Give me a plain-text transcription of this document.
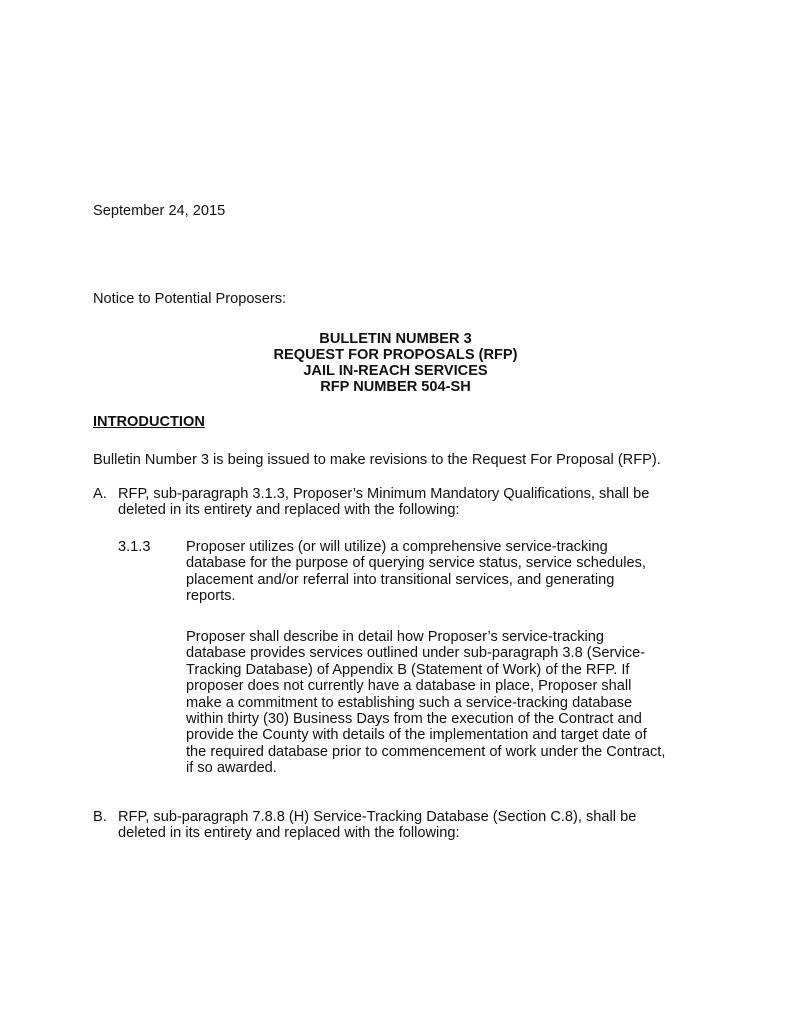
September 24, 2015
Notice to Potential Proposers:
BULLETIN NUMBER 3
REQUEST FOR PROPOSALS (RFP)
JAIL IN-REACH SERVICES
RFP NUMBER 504-SH
INTRODUCTION
Bulletin Number 3 is being issued to make revisions to the Request For Proposal (RFP).
A. RFP, sub-paragraph 3.1.3, Proposer’s Minimum Mandatory Qualifications, shall be
deleted in its entirety and replaced with the following:
3.1.3 Proposer utilizes (or will utilize) a comprehensive service-tracking
database for the purpose of querying service status, service schedules,
placement and/or referral into transitional services, and generating
reports.
Proposer shall describe in detail how Proposer’s service-tracking
database provides services outlined under sub-paragraph 3.8 (Service-
Tracking Database) of Appendix B (Statement of Work) of the RFP. If
proposer does not currently have a database in place, Proposer shall
make a commitment to establishing such a service-tracking database
within thirty (30) Business Days from the execution of the Contract and
provide the County with details of the implementation and target date of
the required database prior to commencement of work under the Contract,
if so awarded.
B. RFP, sub-paragraph 7.8.8 (H) Service-Tracking Database (Section C.8), shall be
deleted in its entirety and replaced with the following:
